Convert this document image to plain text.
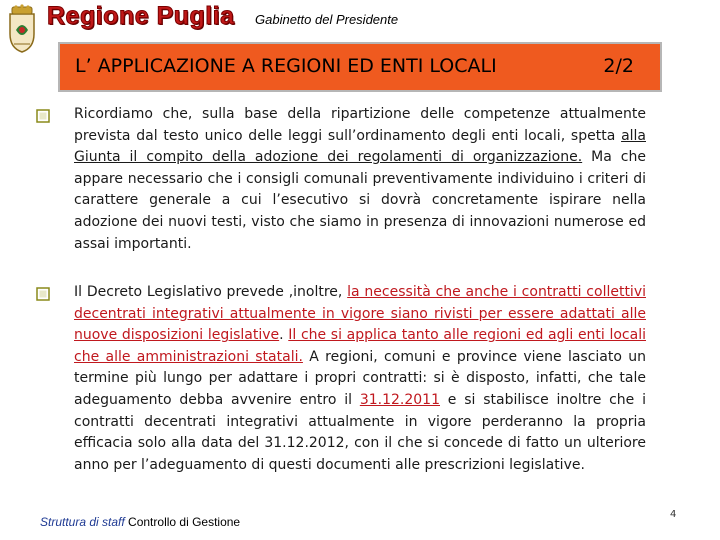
Regione Puglia Gabinetto del Presidente
L’ APPLICAZIONE A REGIONI ED ENTI LOCALI	2/2

Ricordiamo che, sulla base della ripartizione delle competenze attualmente prevista dal testo unico delle leggi sull’ordinamento degli enti locali, spetta alla Giunta il compito della adozione dei regolamenti di organizzazione. Ma che appare necessario che i consigli comunali preventivamente individuino i criteri di carattere generale a cui l’esecutivo si dovrà concretamente ispirare nella adozione dei nuovi testi, visto che siamo in presenza di innovazioni numerose ed assai importanti.

Il Decreto Legislativo prevede ,inoltre, la necessità che anche i contratti collettivi decentrati integrativi attualmente in vigore siano rivisti per essere adattati alle nuove disposizioni legislative. Il che si applica tanto alle regioni ed agli enti locali che alle amministrazioni statali. A regioni, comuni e province viene lasciato un termine più lungo per adattare i propri contratti: si è disposto, infatti, che tale adeguamento debba avvenire entro il 31.12.2011 e si stabilisce inoltre che i contratti decentrati integrativi attualmente in vigore perderanno la propria efficacia solo alla data del 31.12.2012, con il che si concede di fatto un ulteriore anno per l’adeguamento di questi documenti alle prescrizioni legislative.

Struttura di staff Controllo di Gestione
4
